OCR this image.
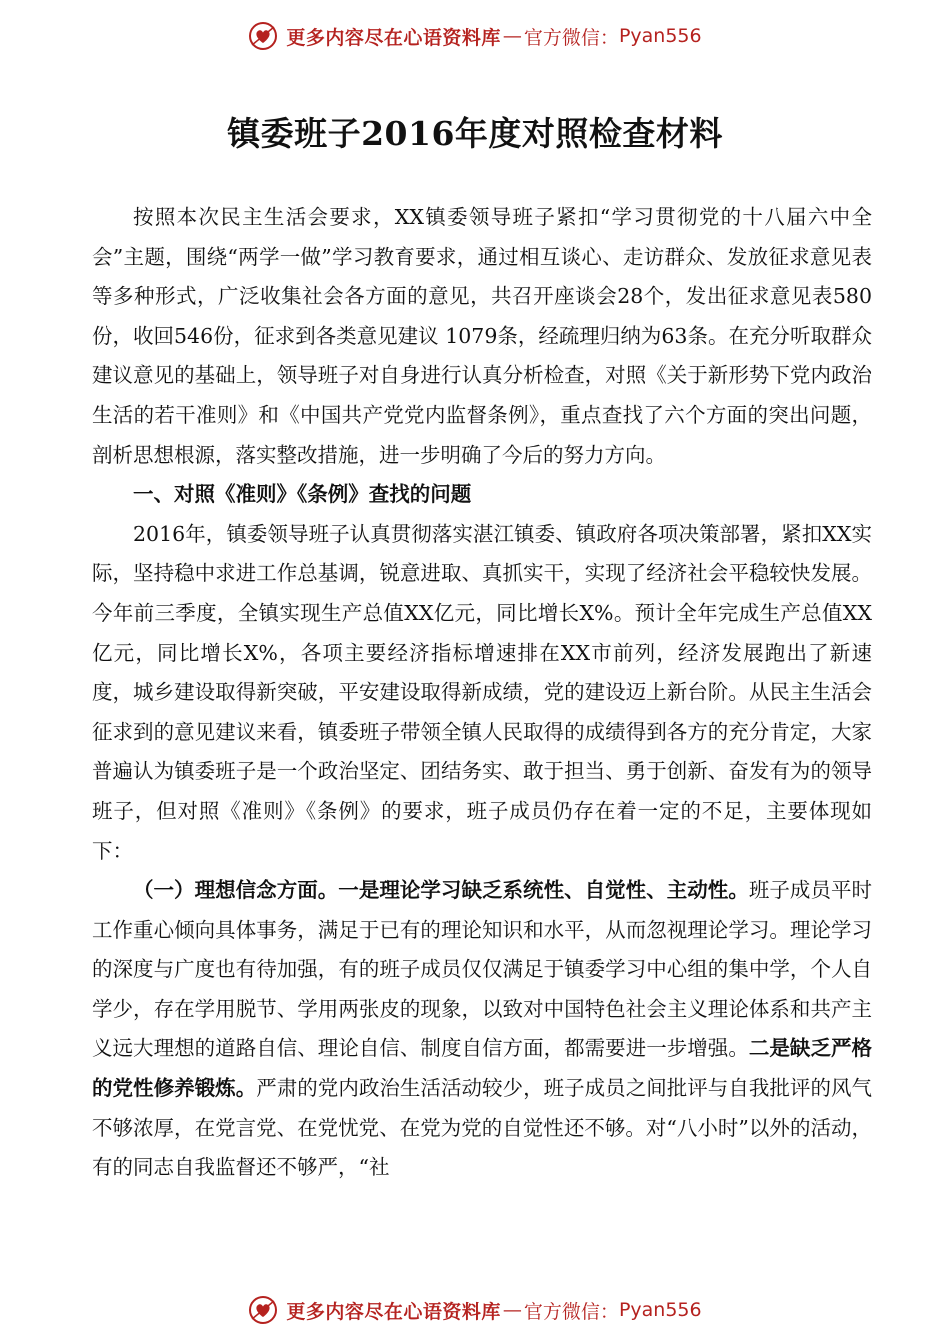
更多内容尽在心语资料库 — 官方微信： Pyan556
镇委班子2016年度对照检查材料

按照本次民主生活会要求，XX镇委领导班子紧扣“学习贯彻党的十八届六中全会”主题，围绕“两学一做”学习教育要求，通过相互谈心、走访群众、发放征求意见表等多种形式，广泛收集社会各方面的意见，共召开座谈会28个，发出征求意见表580份，收回546份，征求到各类意见建议 1079条，经疏理归纳为63条。在充分听取群众建议意见的基础上，领导班子对自身进行认真分析检查，对照《关于新形势下党内政治生活的若干准则》和《中国共产党党内监督条例》，重点查找了六个方面的突出问题，剖析思想根源，落实整改措施，进一步明确了今后的努力方向。

一、对照《准则》《条例》查找的问题

2016年，镇委领导班子认真贯彻落实湛江镇委、镇政府各项决策部署，紧扣XX实际，坚持稳中求进工作总基调，锐意进取、真抓实干，实现了经济社会平稳较快发展。今年前三季度，全镇实现生产总值XX亿元，同比增长X%。预计全年完成生产总值XX亿元，同比增长X%，各项主要经济指标增速排在XX市前列，经济发展跑出了新速度，城乡建设取得新突破，平安建设取得新成绩，党的建设迈上新台阶。从民主生活会征求到的意见建议来看，镇委班子带领全镇人民取得的成绩得到各方的充分肯定，大家普遍认为镇委班子是一个政治坚定、团结务实、敢于担当、勇于创新、奋发有为的领导班子，但对照《准则》《条例》的要求，班子成员仍存在着一定的不足，主要体现如下：

（一）理想信念方面。一是理论学习缺乏系统性、自觉性、主动性。班子成员平时工作重心倾向具体事务，满足于已有的理论知识和水平，从而忽视理论学习。理论学习的深度与广度也有待加强，有的班子成员仅仅满足于镇委学习中心组的集中学，个人自学少，存在学用脱节、学用两张皮的现象，以致对中国特色社会主义理论体系和共产主义远大理想的道路自信、理论自信、制度自信方面，都需要进一步增强。二是缺乏严格的党性修养锻炼。严肃的党内政治生活活动较少，班子成员之间批评与自我批评的风气不够浓厚，在党言党、在党忧党、在党为党的自觉性还不够。对“八小时”以外的活动，有的同志自我监督还不够严，“社

更多内容尽在心语资料库 — 官方微信： Pyan556
